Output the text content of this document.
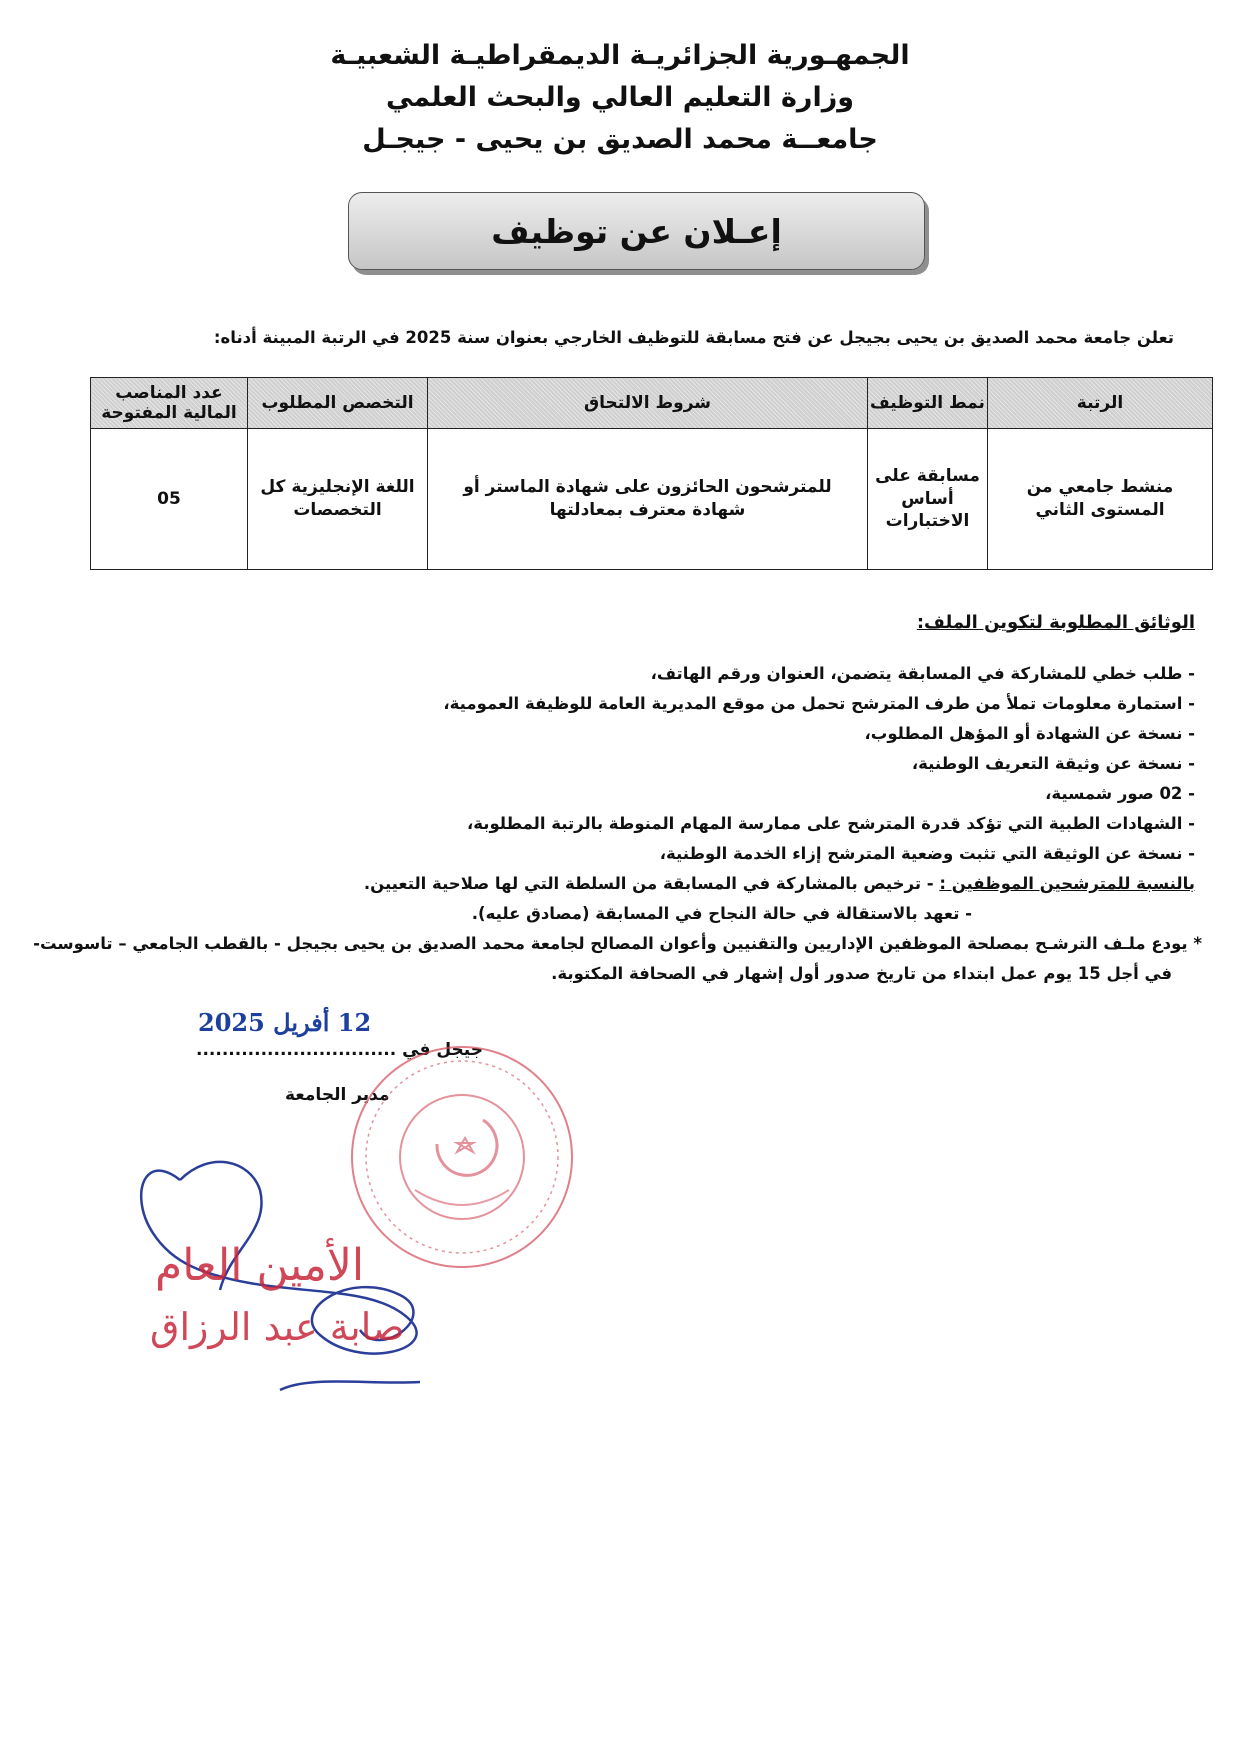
الجمهـورية الجزائريـة الديمقراطيـة الشعبيـة
وزارة التعليم العالي والبحث العلمي
جامعــة محمد الصديق بن يحيى - جيجـل
إعـلان عن توظيف
تعلن جامعة محمد الصديق بن يحيى بجيجل عن فتح مسابقة للتوظيف الخارجي بعنوان سنة 2025 في الرتبة المبينة أدناه:
الرتبة	نمط التوظيف	شروط الالتحاق	التخصص المطلوب	عدد المناصب المالية المفتوحة
منشط جامعي من المستوى الثاني	مسابقة على أساس الاختبارات	للمترشحون الحائزون على شهادة الماستر أو شهادة معترف بمعادلتها	اللغة الإنجليزية كل التخصصات	05
الوثائق المطلوبة لتكوين الملف:
- طلب خطي للمشاركة في المسابقة يتضمن، العنوان ورقم الهاتف،
- استمارة معلومات تملأ من طرف المترشح تحمل من موقع المديرية العامة للوظيفة العمومية،
- نسخة عن الشهادة أو المؤهل المطلوب،
- نسخة عن وثيقة التعريف الوطنية،
- 02 صور شمسية،
- الشهادات الطبية التي تؤكد قدرة المترشح على ممارسة المهام المنوطة بالرتبة المطلوبة،
- نسخة عن الوثيقة التي تثبت وضعية المترشح إزاء الخدمة الوطنية،
بالنسبة للمترشحين الموظفين : - ترخيص بالمشاركة في المسابقة من السلطة التي لها صلاحية التعيين.
- تعهد بالاستقالة في حالة النجاح في المسابقة (مصادق عليه).
* يودع ملـف الترشـح بمصلحة الموظفين الإداريين والتقنيين وأعوان المصالح لجامعة محمد الصديق بن يحيى بجيجل - بالقطب الجامعي – تاسوست-
في أجل 15 يوم عمل ابتداء من تاريخ صدور أول إشهار في الصحافة المكتوبة.
12 أفريل 2025
جيجل في ...............................
مدير الجامعة
الأمين العام
صابة عبد الرزاق
